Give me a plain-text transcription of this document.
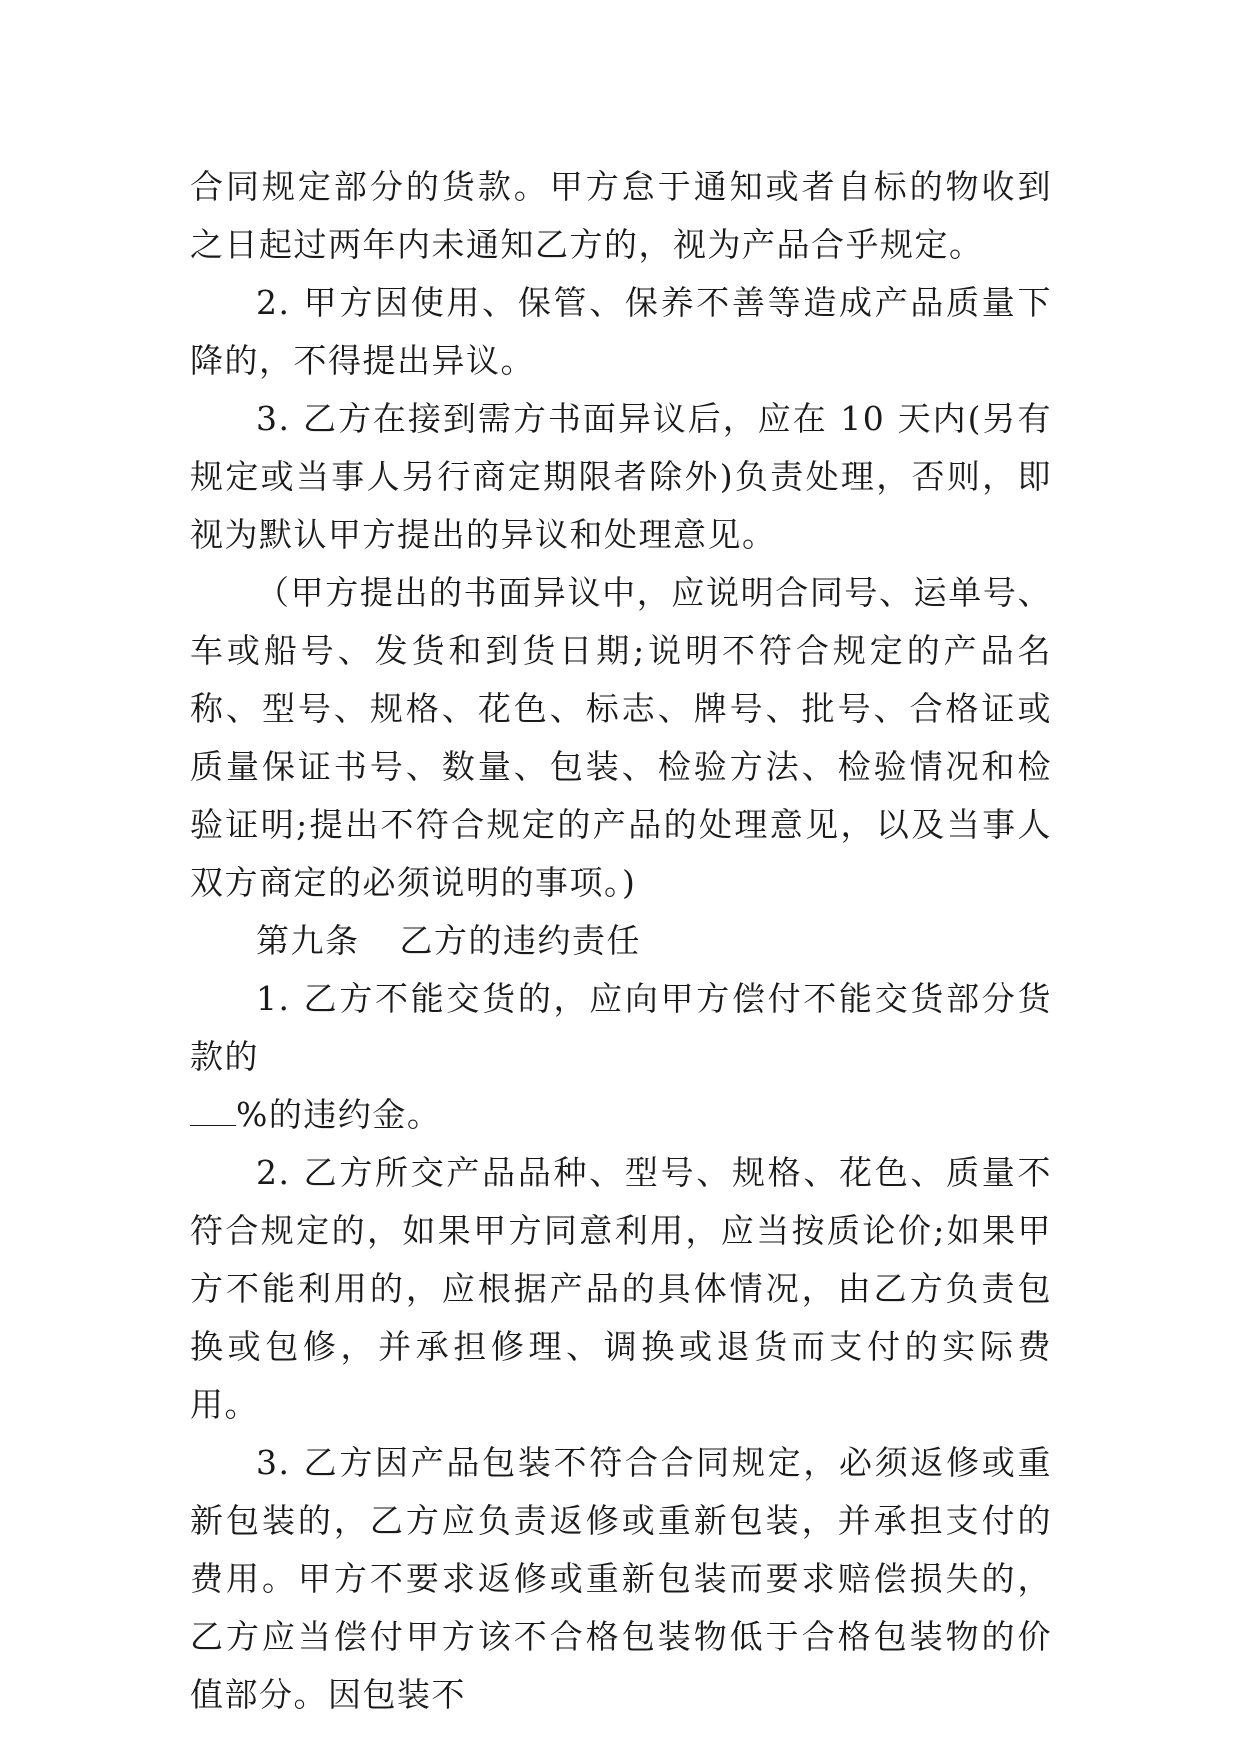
合同规定部分的货款。甲方怠于通知或者自标的物收到之日起过两年内未通知乙方的，视为产品合乎规定。

2. 甲方因使用、保管、保养不善等造成产品质量下降的，不得提出异议。

3. 乙方在接到需方书面异议后，应在 10 天内(另有规定或当事人另行商定期限者除外)负责处理，否则，即视为默认甲方提出的异议和处理意见。

（甲方提出的书面异议中，应说明合同号、运单号、车或船号、发货和到货日期;说明不符合规定的产品名称、型号、规格、花色、标志、牌号、批号、合格证或质量保证书号、数量、包装、检验方法、检验情况和检验证明;提出不符合规定的产品的处理意见，以及当事人双方商定的必须说明的事项。)

第九条 乙方的违约责任

1. 乙方不能交货的，应向甲方偿付不能交货部分货款的

%的违约金。

2. 乙方所交产品品种、型号、规格、花色、质量不符合规定的，如果甲方同意利用，应当按质论价;如果甲方不能利用的，应根据产品的具体情况，由乙方负责包换或包修，并承担修理、调换或退货而支付的实际费用。

3. 乙方因产品包装不符合合同规定，必须返修或重新包装的，乙方应负责返修或重新包装，并承担支付的费用。甲方不要求返修或重新包装而要求赔偿损失的，乙方应当偿付甲方该不合格包装物低于合格包装物的价值部分。因包装不
